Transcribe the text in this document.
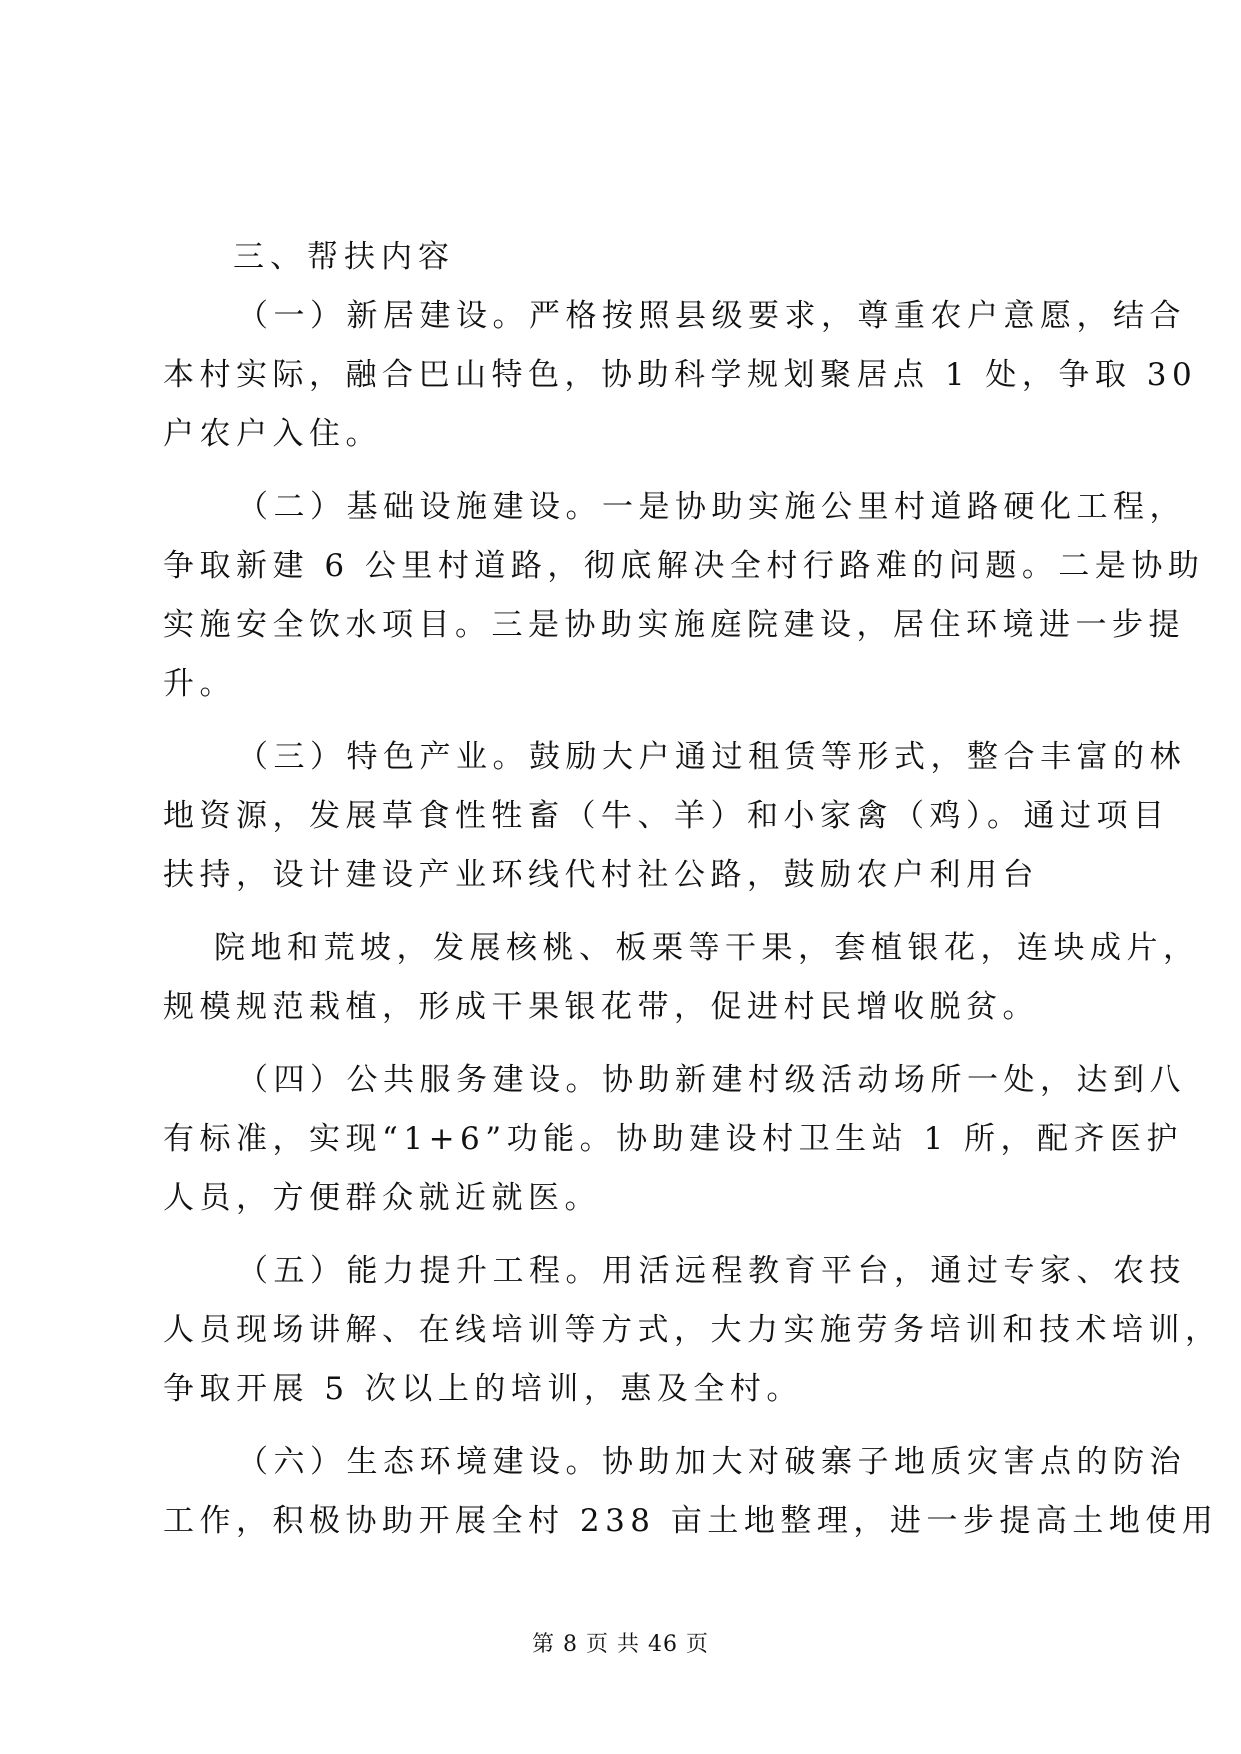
三、帮扶内容
（一）新居建设。严格按照县级要求，尊重农户意愿，结合
本村实际，融合巴山特色，协助科学规划聚居点 1 处，争取 30
户农户入住。
（二）基础设施建设。一是协助实施公里村道路硬化工程，
争取新建 6 公里村道路，彻底解决全村行路难的问题。二是协助
实施安全饮水项目。三是协助实施庭院建设，居住环境进一步提
升。
（三）特色产业。鼓励大户通过租赁等形式，整合丰富的林
地资源，发展草食性牲畜（牛、羊）和小家禽（鸡）。通过项目
扶持，设计建设产业环线代村社公路，鼓励农户利用台
院地和荒坡，发展核桃、板栗等干果，套植银花，连块成片，
规模规范栽植，形成干果银花带，促进村民增收脱贫。
（四）公共服务建设。协助新建村级活动场所一处，达到八
有标准，实现“1+6”功能。协助建设村卫生站 1 所，配齐医护
人员，方便群众就近就医。
（五）能力提升工程。用活远程教育平台，通过专家、农技
人员现场讲解、在线培训等方式，大力实施劳务培训和技术培训，
争取开展 5 次以上的培训，惠及全村。
（六）生态环境建设。协助加大对破寨子地质灾害点的防治
工作，积极协助开展全村 238 亩土地整理，进一步提高土地使用
第 8 页 共 46 页
